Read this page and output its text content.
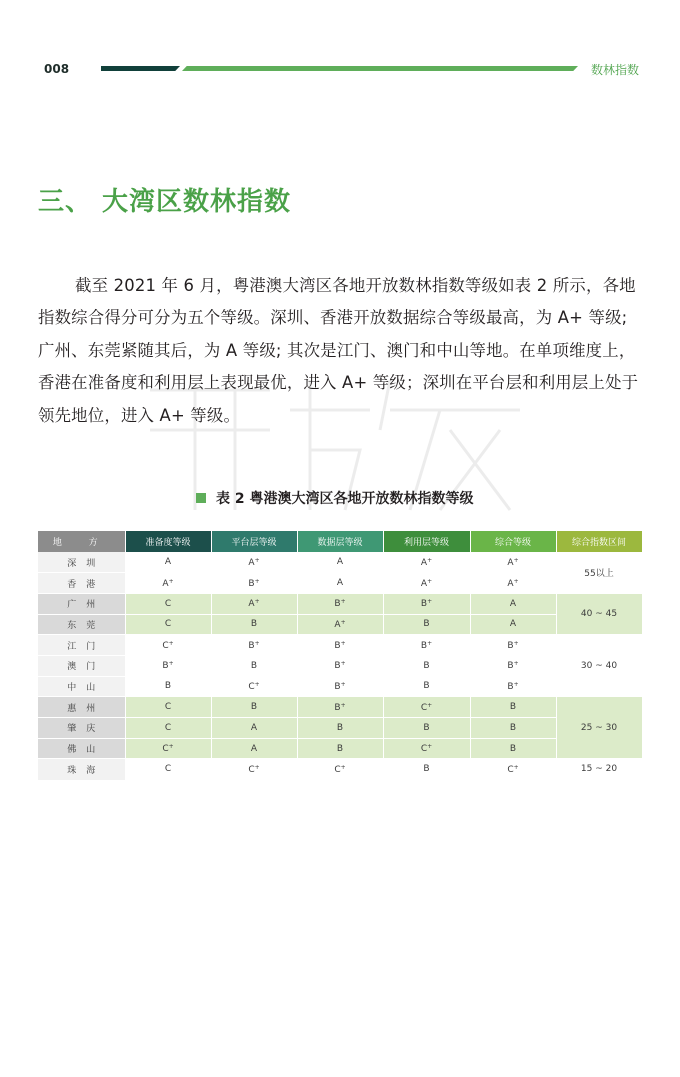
008	数林指数
三、 大湾区数林指数
截至 2021 年 6 月，粤港澳大湾区各地开放数林指数等级如表 2 所示，各地指数综合得分可分为五个等级。深圳、香港开放数据综合等级最高，为 A+ 等级; 广州、东莞紧随其后，为 A 等级; 其次是江门、澳门和中山等地。在单项维度上，香港在准备度和利用层上表现最优，进入 A+ 等级；深圳在平台层和利用层上处于领先地位，进入 A+ 等级。
表 2 粤港澳大湾区各地开放数林指数等级
地 方	准备度等级	平台层等级	数据层等级	利用层等级	综合等级	综合指数区间
深圳	A	A+	A	A+	A+	55以上
香港	A+	B+	A	A+	A+
广州	C	A+	B+	B+	A	40 ~ 45
东莞	C	B	A+	B	A	
江门	C+	B+	B+	B+	B+	30 ~ 40
澳门	B+	B	B+	B	B+
中山	B	C+	B+	B	B+
惠州	C	B	B+	C+	B	25 ~ 30
肇庆	C	A	B	B	B	
佛山	C+	A	B	C+	B	
珠海	C	C+	C+	B	C+	15 ~ 20
